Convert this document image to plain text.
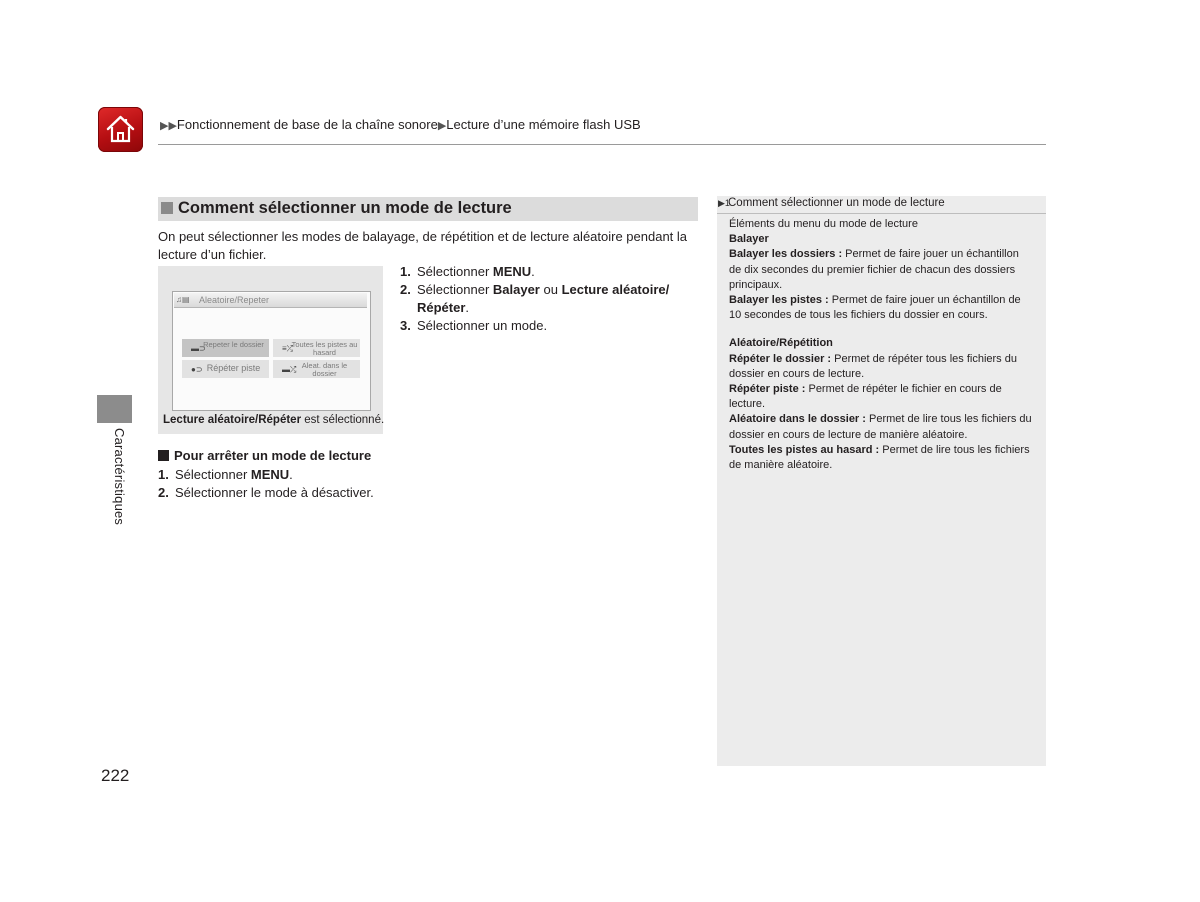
▶▶Fonctionnement de base de la chaîne sonore▶Lecture d’une mémoire flash USB
Caractéristiques
Comment sélectionner un mode de lecture
On peut sélectionner les modes de balayage, de répétition et de lecture aléatoire pendant la lecture d’un fichier.
♫▤ Aleatoire/Repeter
▬⊃
Repeter le dossier	≡⤮
Toutes les pistes au hasard
●⊃ Répéter piste	▬⤮ Aleat. dans le dossier
Lecture aléatoire/Répéter est sélectionné.
1. Sélectionner MENU.
2. Sélectionner Balayer ou Lecture aléatoire/ Répéter.
3. Sélectionner un mode.
Pour arrêter un mode de lecture
1. Sélectionner MENU.
2. Sélectionner le mode à désactiver.
222
▶1
Comment sélectionner un mode de lecture

Éléments du menu du mode de lecture

Balayer

Balayer les dossiers : Permet de faire jouer un échantillon de dix secondes du premier fichier de chacun des dossiers principaux.

Balayer les pistes : Permet de faire jouer un échantillon de 10 secondes de tous les fichiers du dossier en cours.

Aléatoire/Répétition

Répéter le dossier : Permet de répéter tous les fichiers du dossier en cours de lecture.

Répéter piste : Permet de répéter le fichier en cours de lecture.

Aléatoire dans le dossier : Permet de lire tous les fichiers du dossier en cours de lecture de manière aléatoire.

Toutes les pistes au hasard : Permet de lire tous les fichiers de manière aléatoire.
